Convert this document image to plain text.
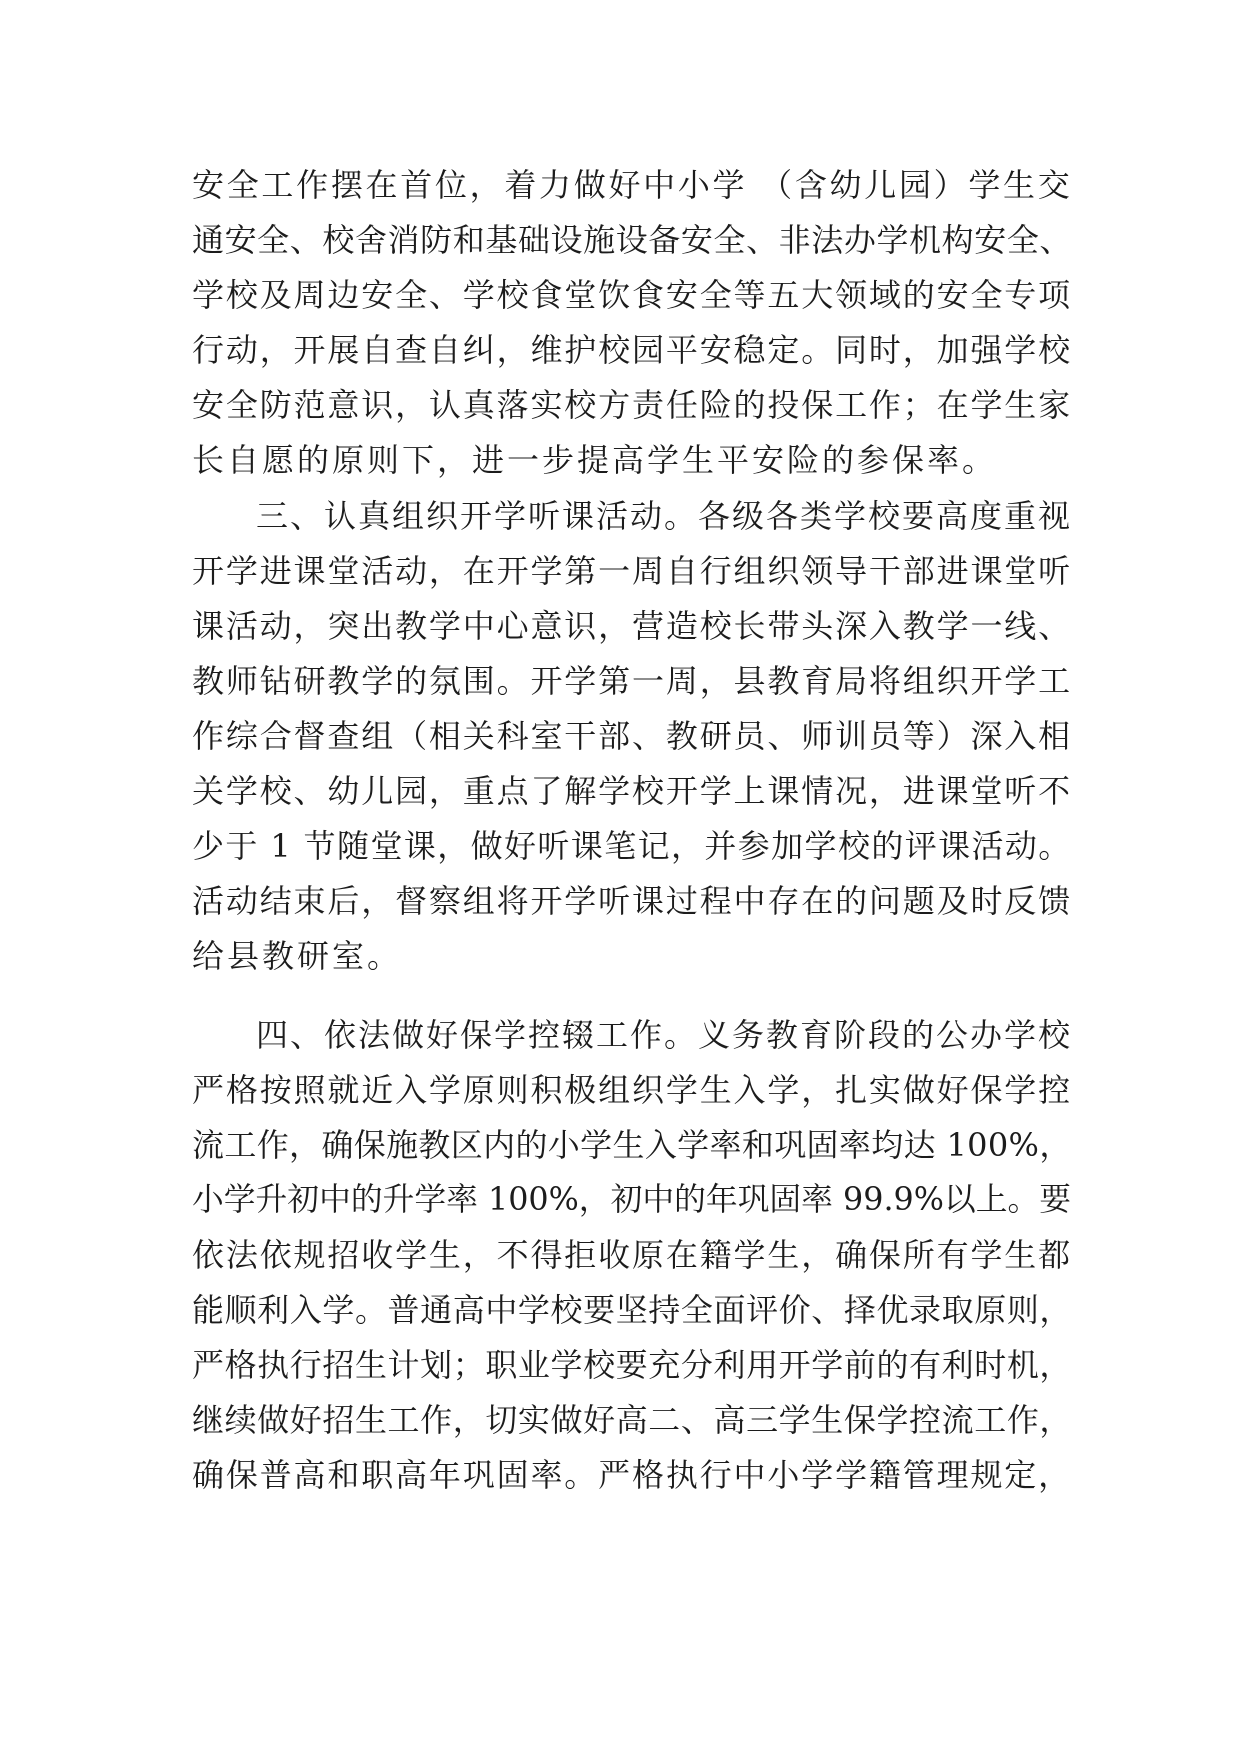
安全工作摆在首位，着力做好中小学 （含幼儿园）学生交

通安全、校舍消防和基础设施设备安全、非法办学机构安全、

学校及周边安全、学校食堂饮食安全等五大领域的安全专项

行动，开展自查自纠，维护校园平安稳定。同时，加强学校

安全防范意识，认真落实校方责任险的投保工作；在学生家

长自愿的原则下，进一步提高学生平安险的参保率。

三、认真组织开学听课活动。各级各类学校要高度重视

开学进课堂活动，在开学第一周自行组织领导干部进课堂听

课活动，突出教学中心意识，营造校长带头深入教学一线、

教师钻研教学的氛围。开学第一周，县教育局将组织开学工

作综合督查组（相关科室干部、教研员、师训员等）深入相

关学校、幼儿园，重点了解学校开学上课情况，进课堂听不

少于 1 节随堂课，做好听课笔记，并参加学校的评课活动。

活动结束后，督察组将开学听课过程中存在的问题及时反馈

给县教研室。

四、依法做好保学控辍工作。义务教育阶段的公办学校

严格按照就近入学原则积极组织学生入学，扎实做好保学控

流工作，确保施教区内的小学生入学率和巩固率均达 100%，

小学升初中的升学率 100%，初中的年巩固率 99.9%以上。要

依法依规招收学生，不得拒收原在籍学生，确保所有学生都

能顺利入学。普通高中学校要坚持全面评价、择优录取原则，

严格执行招生计划；职业学校要充分利用开学前的有利时机，

继续做好招生工作，切实做好高二、高三学生保学控流工作，

确保普高和职高年巩固率。严格执行中小学学籍管理规定，
